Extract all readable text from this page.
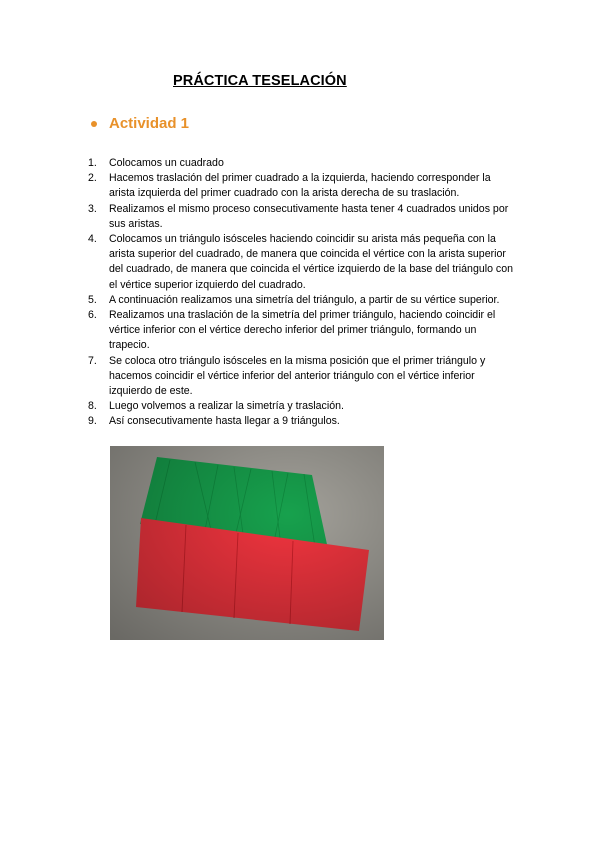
PRÁCTICA TESELACIÓN
Actividad 1
1. Colocamos un cuadrado
2. Hacemos traslación del primer cuadrado a la izquierda, haciendo corresponder la arista izquierda del primer cuadrado con la arista derecha de su traslación.
3. Realizamos el mismo proceso consecutivamente hasta tener 4 cuadrados unidos por sus aristas.
4. Colocamos un triángulo isósceles haciendo coincidir su arista más pequeña con la arista superior del cuadrado, de manera que coincida el vértice con la arista superior del cuadrado, de manera que coincida el vértice izquierdo de la base del triángulo con el vértice superior izquierdo del cuadrado.
5. A continuación realizamos una simetría del triángulo, a partir de su vértice superior.
6. Realizamos una traslación de la simetría del primer triángulo, haciendo coincidir el vértice inferior con el vértice derecho inferior del primer triángulo, formando un trapecio.
7. Se coloca otro triángulo isósceles en la misma posición que el primer triángulo y hacemos coincidir el vértice inferior del anterior triángulo con el vértice inferior izquierdo de este.
8. Luego volvemos a realizar la simetría y traslación.
9. Así consecutivamente hasta llegar a 9 triángulos.
